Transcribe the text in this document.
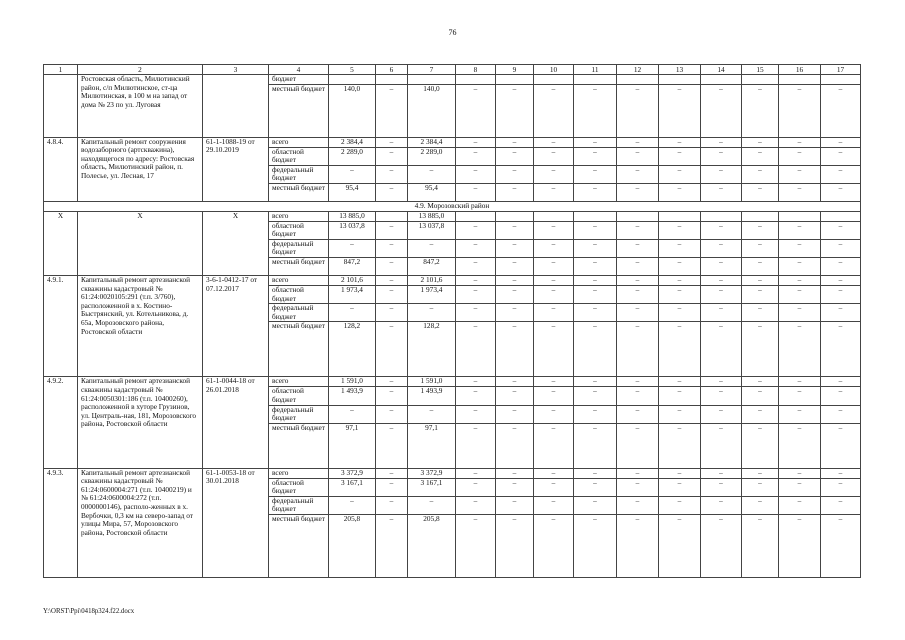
76
1	2	3	4	5	6	7	8	9	10	11	12	13	14	15	16	17
	Ростовская область, Милютинский район, с/п Милютинское, ст-ца Милютинская, в 100 м на запад от дома № 23 по ул. Луговая		бюджет													
			местный бюджет	140,0	–	140,0	–	–	–	–	–	–	–	–	–	–
4.8.4.	Капитальный ремонт сооружения водозаборного (артскважина), находящегося по адресу: Ростовская область, Милютинский район, п. Полесье, ул. Лесная, 17	61-1-1088-19 от 29.10.2019	всего	2 384,4	–	2 384,4	–	–	–	–	–	–	–	–	–	–
			областной бюджет	2 289,0	–	2 289,0	–	–	–	–	–	–	–	–	–	–
			федеральный бюджет	–	–	–	–	–	–	–	–	–	–	–	–	–
			местный бюджет	95,4	–	95,4	–	–	–	–	–	–	–	–	–	–
4.9. Морозовский район																
Х	Х	Х	всего	13 885,0		13 885,0										
			областной бюджет	13 037,8	–	13 037,8	–	–	–	–	–	–	–	–	–	–
			федеральный бюджет	–	–	–	–	–	–	–	–	–	–	–	–	–
			местный бюджет	847,2	–	847,2	–	–	–	–	–	–	–	–	–	–
4.9.1.	Капитальный ремонт артезианской скважины кадастровый № 61:24:0020105:291 (т.п. 3/760), расположенной в х. Костино-Быстрянский, ул. Котельникова, д. 65а, Морозовского района, Ростовской области	3-6-1-0412-17 от 07.12.2017	всего	2 101,6	–	2 101,6	–	–	–	–	–	–	–	–	–	–
			областной бюджет	1 973,4	–	1 973,4	–	–	–	–	–	–	–	–	–	–
			федеральный бюджет	–	–	–	–	–	–	–	–	–	–	–	–	–
			местный бюджет	128,2	–	128,2	–	–	–	–	–	–	–	–	–	–
4.9.2.	Капитальный ремонт артезианской скважины кадастровый № 61:24:0050301:186 (т.п. 10400260), расположенной в хуторе Грузинов, ул. Централь-ная, 181, Морозовского района, Ростовской области	61-1-0044-18 от 26.01.2018	всего	1 591,0	–	1 591,0	–	–	–	–	–	–	–	–	–	–
			областной бюджет	1 493,9	–	1 493,9	–	–	–	–	–	–	–	–	–	–
			федеральный бюджет	–	–	–	–	–	–	–	–	–	–	–	–	–
			местный бюджет	97,1	–	97,1	–	–	–	–	–	–	–	–	–	–
4.9.3.	Капитальный ремонт артезианской скважины кадастровый № 61:24:0600004:271 (т.п. 10400219) и № 61:24:0600004:272 (т.п. 0000000146), располо-женных в х. Вербочки, 0,3 км на северо-запад от улицы Мира, 57, Морозовского района, Ростовской области	61-1-0053-18 от 30.01.2018	всего	3 372,9	–	3 372,9	–	–	–	–	–	–	–	–	–	–
			областной бюджет	3 167,1	–	3 167,1	–	–	–	–	–	–	–	–	–	–
			федеральный бюджет	–	–	–	–	–	–	–	–	–	–	–	–	–
			местный бюджет	205,8	–	205,8	–	–	–	–	–	–	–	–	–	–
Y:\ORST\Ppi\0418p324.f22.docx
